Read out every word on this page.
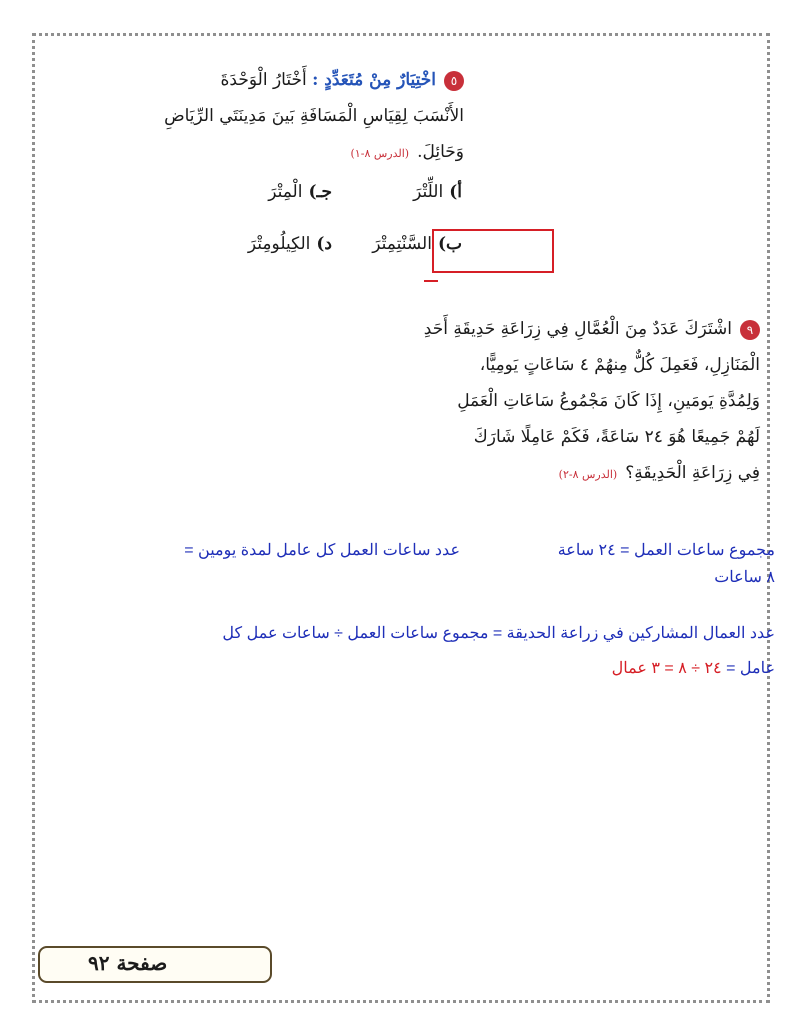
٥اخْتِيَارٌ مِنْ مُتَعَدِّدٍ : أَخْتَارُ الْوَحْدَةَ
الأَنْسَبَ لِقِيَاسِ الْمَسَافَةِ بَينَ مَدِينَتَي الرِّيَاضِ
وَحَائِلَ.(الدرس ٨-١)
أ)اللِّتْرَ
جـ)الْمِتْرَ
ب)السَّنْتِمِتْرَ
د)الكِيلُومِتْرَ
٩اشْتَرَكَ عَدَدٌ مِنَ الْعُمَّالِ فِي زِرَاعَةِ حَدِيقَةِ أَحَدِ
الْمَنَازِلِ، فَعَمِلَ كُلٌّ مِنهُمْ ٤ سَاعَاتٍ يَومِيًّا،
وَلِمُدَّةِ يَومَينِ، إِذَا كَانَ مَجْمُوعُ سَاعَاتِ الْعَمَلِ
لَهُمْ جَمِيعًا هُوَ ٢٤ سَاعَةً، فَكَمْ عَامِلًا شَارَكَ
فِي زِرَاعَةِ الْحَدِيقَةِ؟(الدرس ٨-٢)
مجموع ساعات العمل = ٢٤ ساعة
عدد ساعات العمل كل عامل لمدة يومين =
٨ ساعات
عدد العمال المشاركين في زراعة الحديقة = مجموع ساعات العمل ÷ ساعات عمل كل
عامل = ٢٤ ÷ ٨ = ٣ عمال
صفحة ٩٢
